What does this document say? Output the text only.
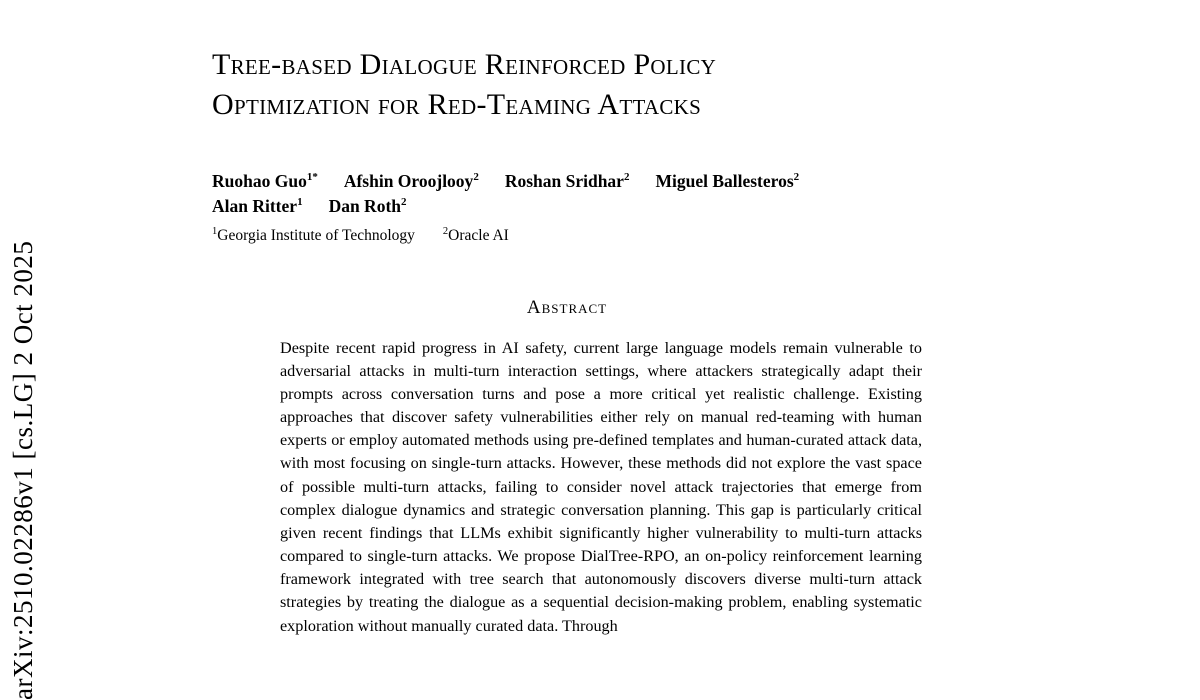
arXiv:2510.02286v1 [cs.LG] 2 Oct 2025
Tree-based Dialogue Reinforced Policy
Optimization for Red-Teaming Attacks
Ruohao Guo$^{1*}$ Afshin Oroojlooy$^2$ Roshan Sridhar$^2$ Miguel Ballesteros$^2$
Alan Ritter$^1$ Dan Roth$^2$
$^1$Georgia Institute of Technology	$^2$Oracle AI
Abstract
Despite recent rapid progress in AI safety, current large language models remain vulnerable to adversarial attacks in multi-turn interaction settings, where attackers strategically adapt their prompts across conversation turns and pose a more critical yet realistic challenge. Existing approaches that discover safety vulnerabilities either rely on manual red-teaming with human experts or employ automated methods using pre-defined templates and human-curated attack data, with most focusing on single-turn attacks. However, these methods did not explore the vast space of possible multi-turn attacks, failing to consider novel attack trajectories that emerge from complex dialogue dynamics and strategic conversation planning. This gap is particularly critical given recent findings that LLMs exhibit significantly higher vulnerability to multi-turn attacks compared to single-turn attacks. We propose DialTree-RPO, an on-policy reinforcement learning framework integrated with tree search that autonomously discovers diverse multi-turn attack strategies by treating the dialogue as a sequential decision-making problem, enabling systematic exploration without manually curated data. Through
